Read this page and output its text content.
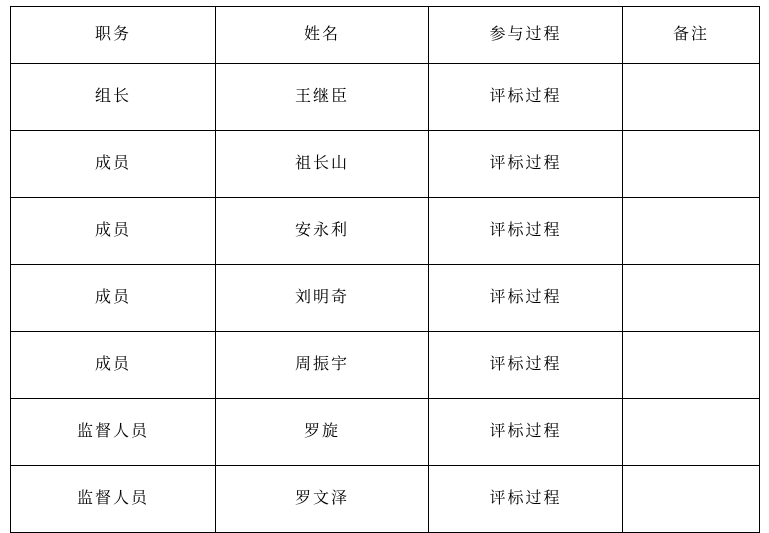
职务	姓名	参与过程	备注
组长	王继臣	评标过程	
成员	祖长山	评标过程	
成员	安永利	评标过程	
成员	刘明奇	评标过程	
成员	周振宇	评标过程	
监督人员	罗旋	评标过程	
监督人员	罗文泽	评标过程	
